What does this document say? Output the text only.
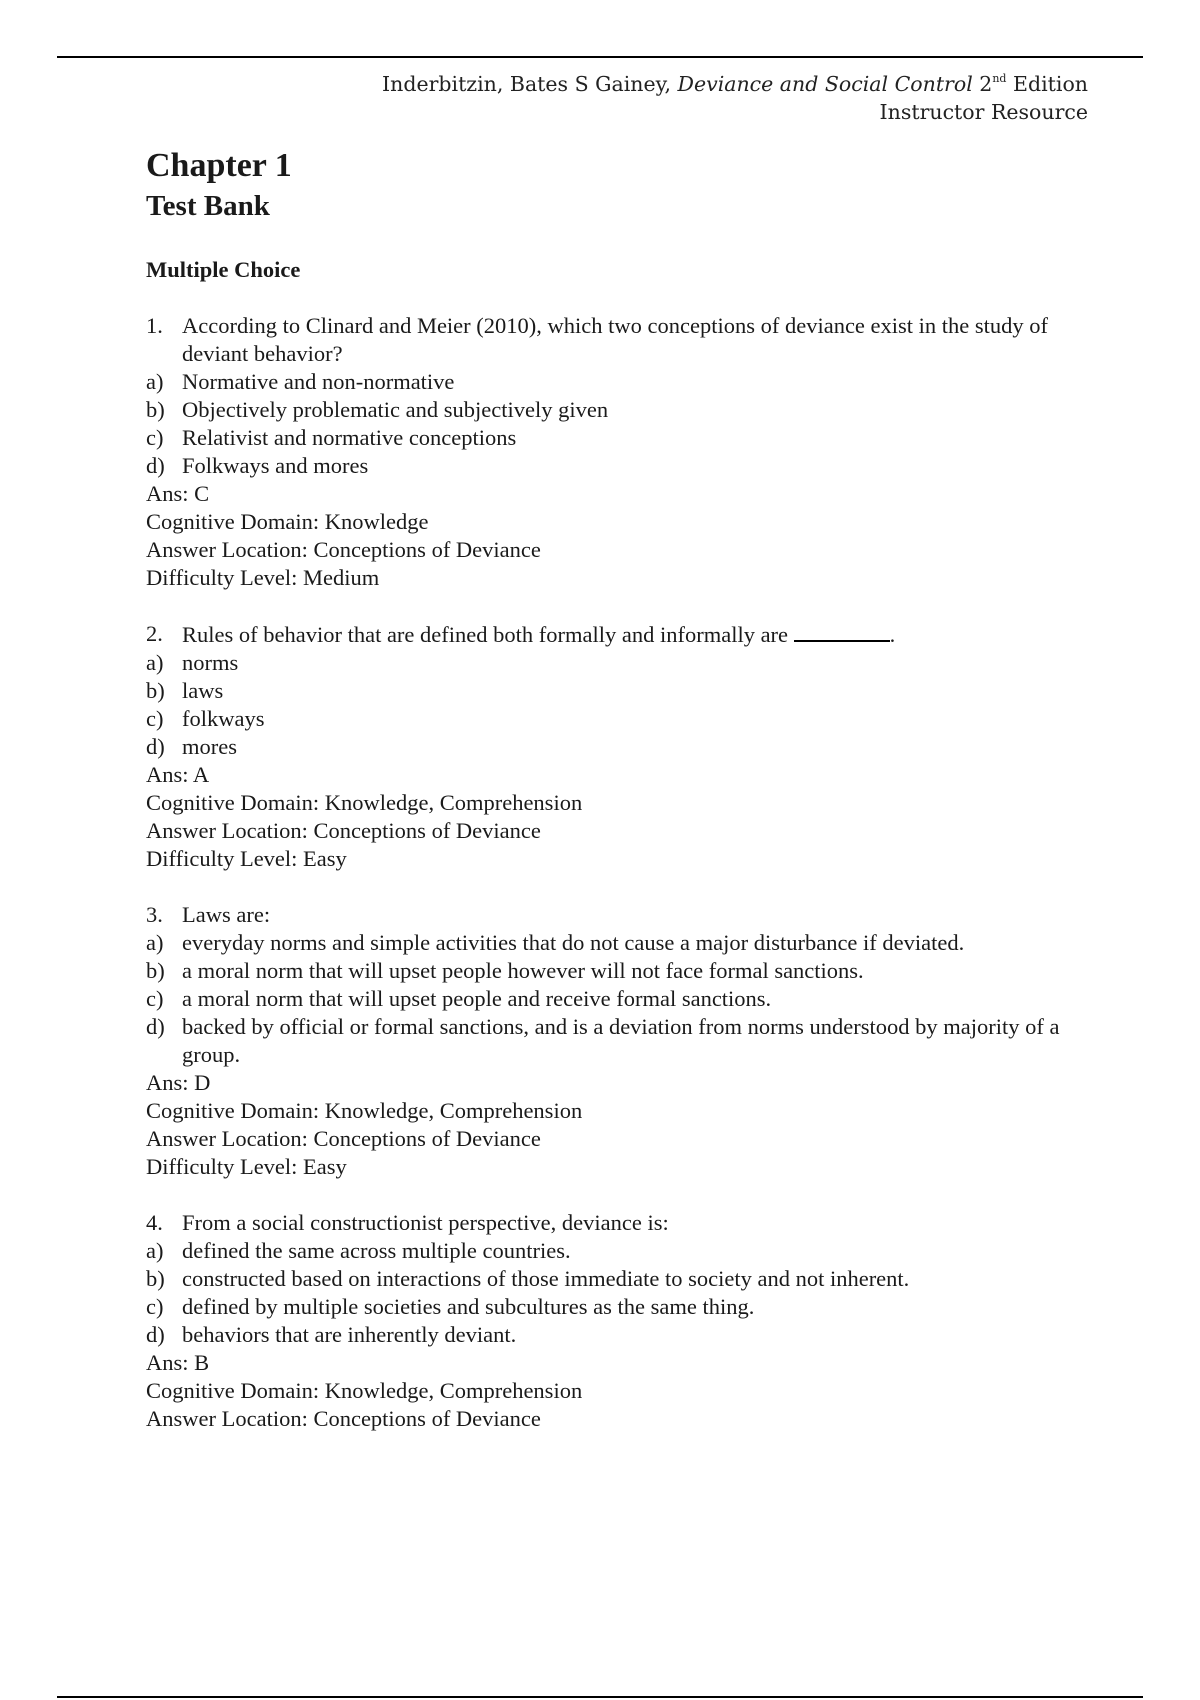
Inderbitzin, Bates S Gainey, Deviance and Social Control 2nd Edition
Instructor Resource
Chapter 1
Test Bank
Multiple Choice
1. According to Clinard and Meier (2010), which two conceptions of deviance exist in the study of deviant behavior?
a) Normative and non-normative
b) Objectively problematic and subjectively given
c) Relativist and normative conceptions
d) Folkways and mores
Ans: C
Cognitive Domain: Knowledge
Answer Location: Conceptions of Deviance
Difficulty Level: Medium
2. Rules of behavior that are defined both formally and informally are	.
a) norms
b) laws
c) folkways
d) mores
Ans: A
Cognitive Domain: Knowledge, Comprehension
Answer Location: Conceptions of Deviance
Difficulty Level: Easy
3. Laws are:
a) everyday norms and simple activities that do not cause a major disturbance if deviated.
b) a moral norm that will upset people however will not face formal sanctions.
c) a moral norm that will upset people and receive formal sanctions.
d) backed by official or formal sanctions, and is a deviation from norms understood by majority of a group.
Ans: D
Cognitive Domain: Knowledge, Comprehension
Answer Location: Conceptions of Deviance
Difficulty Level: Easy
4. From a social constructionist perspective, deviance is:
a) defined the same across multiple countries.
b) constructed based on interactions of those immediate to society and not inherent.
c) defined by multiple societies and subcultures as the same thing.
d) behaviors that are inherently deviant.
Ans: B
Cognitive Domain: Knowledge, Comprehension
Answer Location: Conceptions of Deviance
